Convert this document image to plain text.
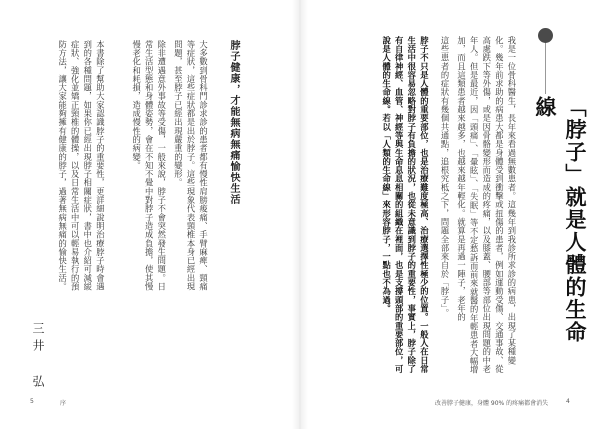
「脖子」就是人體的生命線

我是一位骨科醫生，長年來看過無數患者。這幾年到我診所求診的病患，出現了某種變化。幾年前求助的病患大都是身體受到衝擊或扭傷的患者，例如運動受傷、交通事故、從高處跌下等外傷，或是因骨骼變形而造成的疼痛，以及膝蓋、腰部等部位出現問題的中老年人。但是最近，因「頭痛」、「暈眩」、「失眠」等不定愁訴而前來就醫的年輕患者大幅增加，而且這類患者越來越多，也越來越年輕化。就算是再過一陣子，老年的

這些患者的症狀有幾個共通點，追根究柢之下，問題全部來自於「脖子」。

脖子不只是人體的重要部位，也是治療難度極高、治療選擇性極少的位置。一般人在日常生活中很容易忽略對脖子有負擔的狀況，也從未意識到脖子的重要性，事實上，脖子除了有自律神經、血管、神經等與生命息息相關的組織在裡面，也是支撐頭部的重要部位，可說是人體的生命線。若以「人類的生命線」來形容脖子，一點也不為過。

脖子健康，才能無病無痛愉快生活

大多數到骨科門診求診的患者都有慢性肩膀痠痛、手臂麻痺、頸痛等症狀，這些症狀都是出於脖子。這些現象代表頸椎本身已經出現問題，甚至脖子已經出現嚴重的變形。

除非遭遇意外事故等受傷，一般來說，脖子不會突然發生問題。日常生活型態和身體姿勢，會在不知不覺中對脖子造成負擔，使其慢慢老化和耗損，造成慢性的病變。

本書除了幫助大家認識脖子的重要性，更詳細說明治療脖子時會遇到的各種問題，如果你已經出現脖子相關症狀，書中也介紹可減緩症狀、強化並矯正頸椎的體操，以及日常生活中可以輕易執行的預防方法，讓大家能夠擁有健康的脖子，過著無病無痛的愉快生活。

三井 弘
5	序	改善脖子健康，身體 90% 的疼痛都會消失	4
